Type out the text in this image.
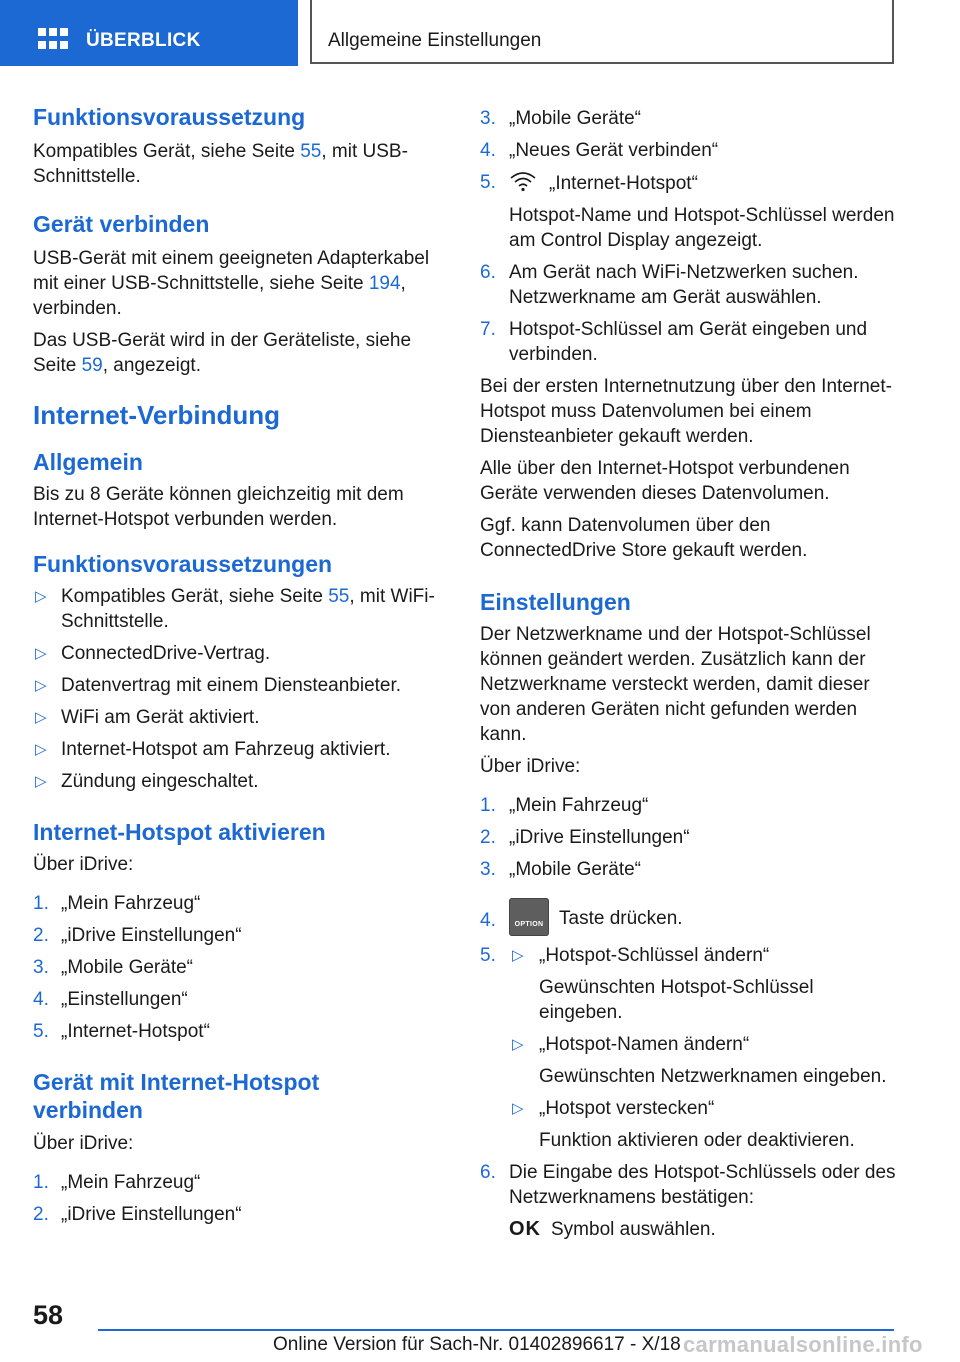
ÜBERBLICK	Allgemeine Einstellungen
Funktionsvoraussetzung

Kompatibles Gerät, siehe Seite 55, mit USB-Schnittstelle.

Gerät verbinden

USB-Gerät mit einem geeigneten Adapterkabel mit einer USB-Schnittstelle, siehe Seite 194, verbinden.

Das USB-Gerät wird in der Geräteliste, siehe Seite 59, angezeigt.

Internet-Verbindung
Allgemein

Bis zu 8 Geräte können gleichzeitig mit dem Internet-Hotspot verbunden werden.

Funktionsvoraussetzungen
▷ Kompatibles Gerät, siehe Seite 55, mit WiFi-Schnittstelle.
▷ ConnectedDrive-Vertrag.
▷ Datenvertrag mit einem Diensteanbieter.
▷ WiFi am Gerät aktiviert.
▷ Internet-Hotspot am Fahrzeug aktiviert.
▷ Zündung eingeschaltet.
Internet-Hotspot aktivieren

Über iDrive:

1. „Mein Fahrzeug“
2. „iDrive Einstellungen“
3. „Mobile Geräte“
4. „Einstellungen“
5. „Internet-Hotspot“
Gerät mit Internet-Hotspot
verbinden

Über iDrive:

1. „Mein Fahrzeug“
2. „iDrive Einstellungen“
3. „Mobile Geräte“
4. „Neues Gerät verbinden“
5.	„Internet-Hotspot“
Hotspot-Name und Hotspot-Schlüssel werden am Control Display angezeigt.
6. Am Gerät nach WiFi-Netzwerken suchen.
Netzwerkname am Gerät auswählen.
7. Hotspot-Schlüssel am Gerät eingeben und verbinden.

Bei der ersten Internetnutzung über den Internet-Hotspot muss Datenvolumen bei einem Diensteanbieter gekauft werden.

Alle über den Internet-Hotspot verbundenen Geräte verwenden dieses Datenvolumen.

Ggf. kann Datenvolumen über den ConnectedDrive Store gekauft werden.

Einstellungen

Der Netzwerkname und der Hotspot-Schlüssel können geändert werden. Zusätzlich kann der Netzwerkname versteckt werden, damit dieser von anderen Geräten nicht gefunden werden kann.

Über iDrive:

1. „Mein Fahrzeug“
2. „iDrive Einstellungen“
3. „Mobile Geräte“
4.	OPTION Taste drücken.
5. ▷ „Hotspot-Schlüssel ändern“
Gewünschten Hotspot-Schlüssel eingeben.
▷ „Hotspot-Namen ändern“
Gewünschten Netzwerknamen eingeben.
▷ „Hotspot verstecken“
Funktion aktivieren oder deaktivieren.
6. Die Eingabe des Hotspot-Schlüssels oder des Netzwerknamens bestätigen:
OK Symbol auswählen.
58
Online Version für Sach-Nr. 01402896617 - X/18 carmanualsonline.info
